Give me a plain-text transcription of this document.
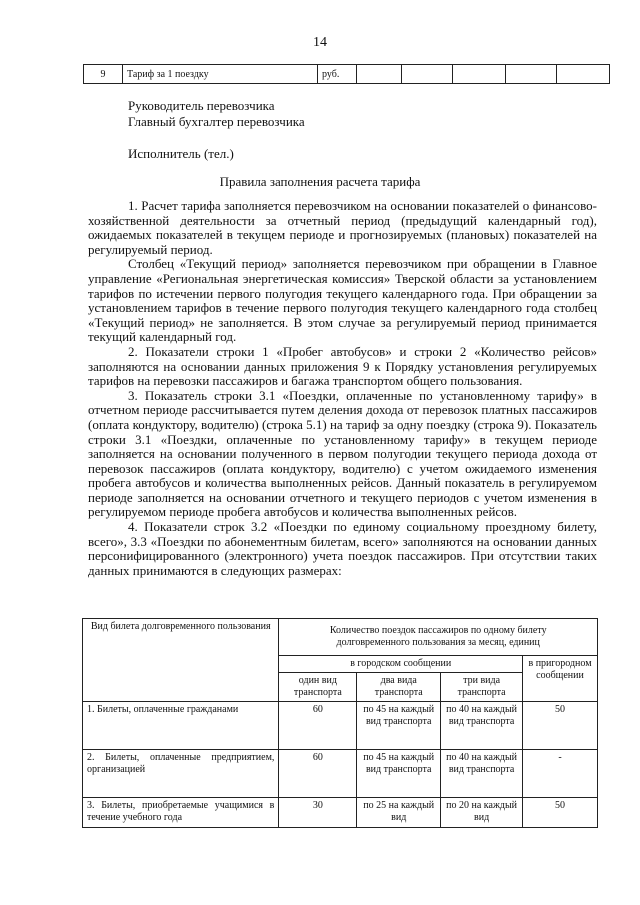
14
9	Тариф за 1 поездку	руб.					
Руководитель перевозчика
Главный бухгалтер перевозчика
Исполнитель (тел.)
Правила заполнения расчета тарифа

1. Расчет тарифа заполняется перевозчиком на основании показателей о финансово-хозяйственной деятельности за отчетный период (предыдущий календарный год), ожидаемых показателей в текущем периоде и прогнозируемых (плановых) показателей на регулируемый период.

Столбец «Текущий период» заполняется перевозчиком при обращении в Главное управление «Региональная энергетическая комиссия» Тверской области за установлением тарифов по истечении первого полугодия текущего календарного года. При обращении за установлением тарифов в течение первого полугодия текущего календарного года столбец «Текущий период» не заполняется. В этом случае за регулируемый период принимается текущий календарный год.

2. Показатели строки 1 «Пробег автобусов» и строки 2 «Количество рейсов» заполняются на основании данных приложения 9 к Порядку установления регулируемых тарифов на перевозки пассажиров и багажа транспортом общего пользования.

3. Показатель строки 3.1 «Поездки, оплаченные по установленному тарифу» в отчетном периоде рассчитывается путем деления дохода от перевозок платных пассажиров (оплата кондуктору, водителю) (строка 5.1) на тариф за одну поездку (строка 9). Показатель строки 3.1 «Поездки, оплаченные по установленному тарифу» в текущем периоде заполняется на основании полученного в первом полугодии текущего периода дохода от перевозок пассажиров (оплата кондуктору, водителю) с учетом ожидаемого изменения пробега автобусов и количества выполненных рейсов. Данный показатель в регулируемом периоде заполняется на основании отчетного и текущего периодов с учетом изменения в регулируемом периоде пробега автобусов и количества выполненных рейсов.

4. Показатели строк 3.2 «Поездки по единому социальному проездному билету, всего», 3.3 «Поездки по абонементным билетам, всего» заполняются на основании данных персонифицированного (электронного) учета поездок пассажиров. При отсутствии таких данных принимаются в следующих размерах:

Вид билета долговременного пользования	Количество поездок пассажиров по одному билету долговременного пользования за месяц, единиц			
	в городском сообщении			в пригородном сообщении
	один вид транспорта	два вида транспорта	три вида транспорта	
1. Билеты, оплаченные гражданами	60	по 45 на каждый вид транспорта	по 40 на каждый вид транспорта	50
2. Билеты, оплаченные предприятием, организацией	60	по 45 на каждый вид транспорта	по 40 на каждый вид транспорта	-
3. Билеты, приобретаемые учащимися в течение учебного года	30	по 25 на каждый вид	по 20 на каждый вид	50
